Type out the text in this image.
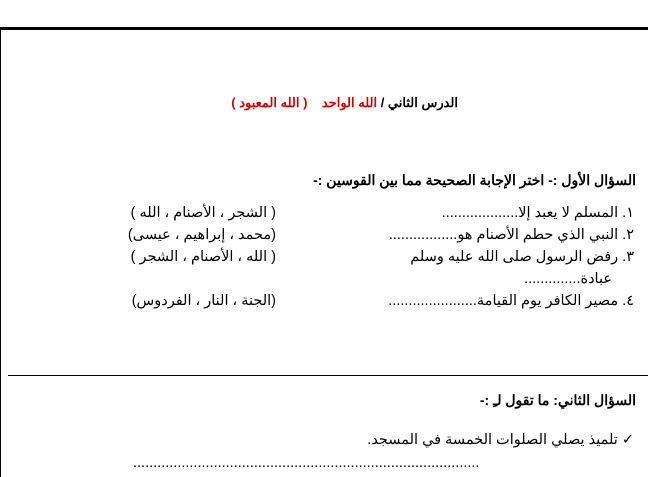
الدرس الثاني / الله الواحد    ( الله المعبود )
السؤال الأول :- اختر الإجابة الصحيحة مما بين القوسين :-
١. المسلم لا يعبد إلا...................
( الشجر ، الأصنام ، الله )
٢. النبي الذي حطم الأصنام هو.................
(محمد ، إبراهيم ، عيسى)
٣. رفض الرسول صلى الله عليه وسلم
( الله ، الأصنام ، الشجر )
عبادة..............
٤. مصير الكافر يوم القيامة......................
(الجنة ، النار ، الفردوس)
السؤال الثاني: ما تقول لـِ :-
✓ تلميذ يصلي الصلوات الخمسة في المسجد.
......................................................................................
